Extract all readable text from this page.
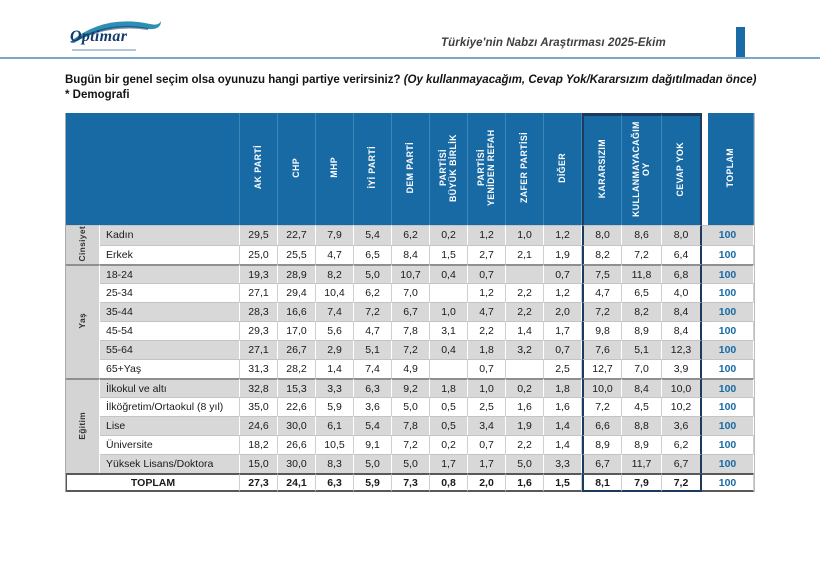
Optimar	Türkiye'nin Nabzı Araştırması 2025-Ekim
Bugün bir genel seçim olsa oyunuzu hangi partiye verirsiniz? (Oy kullanmayacağım, Cevap Yok/Kararsızım dağıtılmadan önce)
* Demografi
		AK PARTİ	CHP	MHP	İYİ PARTİ	DEM PARTİ	BÜYÜK BİRLİK PARTİSİ	YENİDEN REFAH PARTİSİ	ZAFER PARTİSİ	DİĞER	KARARSIZIM	OY KULLANMAYACAĞIM	CEVAP YOK	TOPLAM
Cinsiyet	Kadın	29,5	22,7	7,9	5,4	6,2	0,2	1,2	1,0	1,2	8,0	8,6	8,0	100
	Erkek	25,0	25,5	4,7	6,5	8,4	1,5	2,7	2,1	1,9	8,2	7,2	6,4	100
Yaş	18-24	19,3	28,9	8,2	5,0	10,7	0,4	0,7		0,7	7,5	11,8	6,8	100
	25-34	27,1	29,4	10,4	6,2	7,0		1,2	2,2	1,2	4,7	6,5	4,0	100
	35-44	28,3	16,6	7,4	7,2	6,7	1,0	4,7	2,2	2,0	7,2	8,2	8,4	100
	45-54	29,3	17,0	5,6	4,7	7,8	3,1	2,2	1,4	1,7	9,8	8,9	8,4	100
	55-64	27,1	26,7	2,9	5,1	7,2	0,4	1,8	3,2	0,7	7,6	5,1	12,3	100
	65+Yaş	31,3	28,2	1,4	7,4	4,9		0,7		2,5	12,7	7,0	3,9	100
Eğitim	İlkokul ve altı	32,8	15,3	3,3	6,3	9,2	1,8	1,0	0,2	1,8	10,0	8,4	10,0	100
	İlköğretim/Ortaokul (8 yıl)	35,0	22,6	5,9	3,6	5,0	0,5	2,5	1,6	1,6	7,2	4,5	10,2	100
	Lise	24,6	30,0	6,1	5,4	7,8	0,5	3,4	1,9	1,4	6,6	8,8	3,6	100
	Üniversite	18,2	26,6	10,5	9,1	7,2	0,2	0,7	2,2	1,4	8,9	8,9	6,2	100
	Yüksek Lisans/Doktora	15,0	30,0	8,3	5,0	5,0	1,7	1,7	5,0	3,3	6,7	11,7	6,7	100
TOPLAM		27,3	24,1	6,3	5,9	7,3	0,8	2,0	1,6	1,5	8,1	7,9	7,2	100
